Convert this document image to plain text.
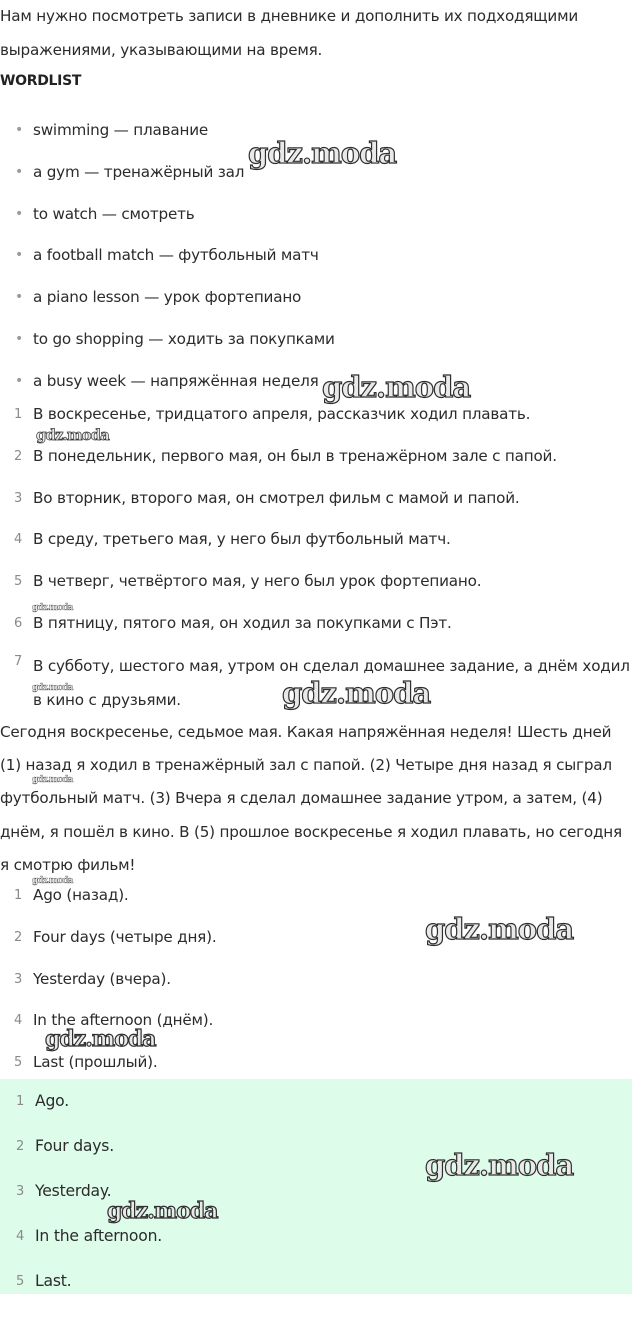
Нам нужно посмотреть записи в дневнике и дополнить их подходящими выражениями, указывающими на время.

WORDLIST
• swimming — плавание
• a gym — тренажёрный зал
• to watch — смотреть
• a football match — футбольный матч
• a piano lesson — урок фортепиано
• to go shopping — ходить за покупками
• a busy week — напряжённая неделя
1 В воскресенье, тридцатого апреля, рассказчик ходил плавать.
2 В понедельник, первого мая, он был в тренажёрном зале с папой.
3 Во вторник, второго мая, он смотрел фильм с мамой и папой.
4 В среду, третьего мая, у него был футбольный матч.
5 В четверг, четвёртого мая, у него был урок фортепиано.
6 В пятницу, пятого мая, он ходил за покупками с Пэт.
7 В субботу, шестого мая, утром он сделал домашнее задание, а днём ходил в кино с друзьями.

Сегодня воскресенье, седьмое мая. Какая напряжённая неделя! Шесть дней (1) назад я ходил в тренажёрный зал с папой. (2) Четыре дня назад я сыграл футбольный матч. (3) Вчера я сделал домашнее задание утром, а затем, (4) днём, я пошёл в кино. В (5) прошлое воскресенье я ходил плавать, но сегодня я смотрю фильм!

1 Ago (назад).
2 Four days (четыре дня).
3 Yesterday (вчера).
4 In the afternoon (днём).
5 Last (прошлый).
1 Ago.
2 Four days.
3 Yesterday.
4 In the afternoon.
5 Last.
gdz.moda
gdz.moda
gdz.moda
gdz.moda
gdz.moda	gdz.moda
gdz.moda
gdz.moda
gdz.moda
gdz.moda
gdz.moda
gdz.moda
